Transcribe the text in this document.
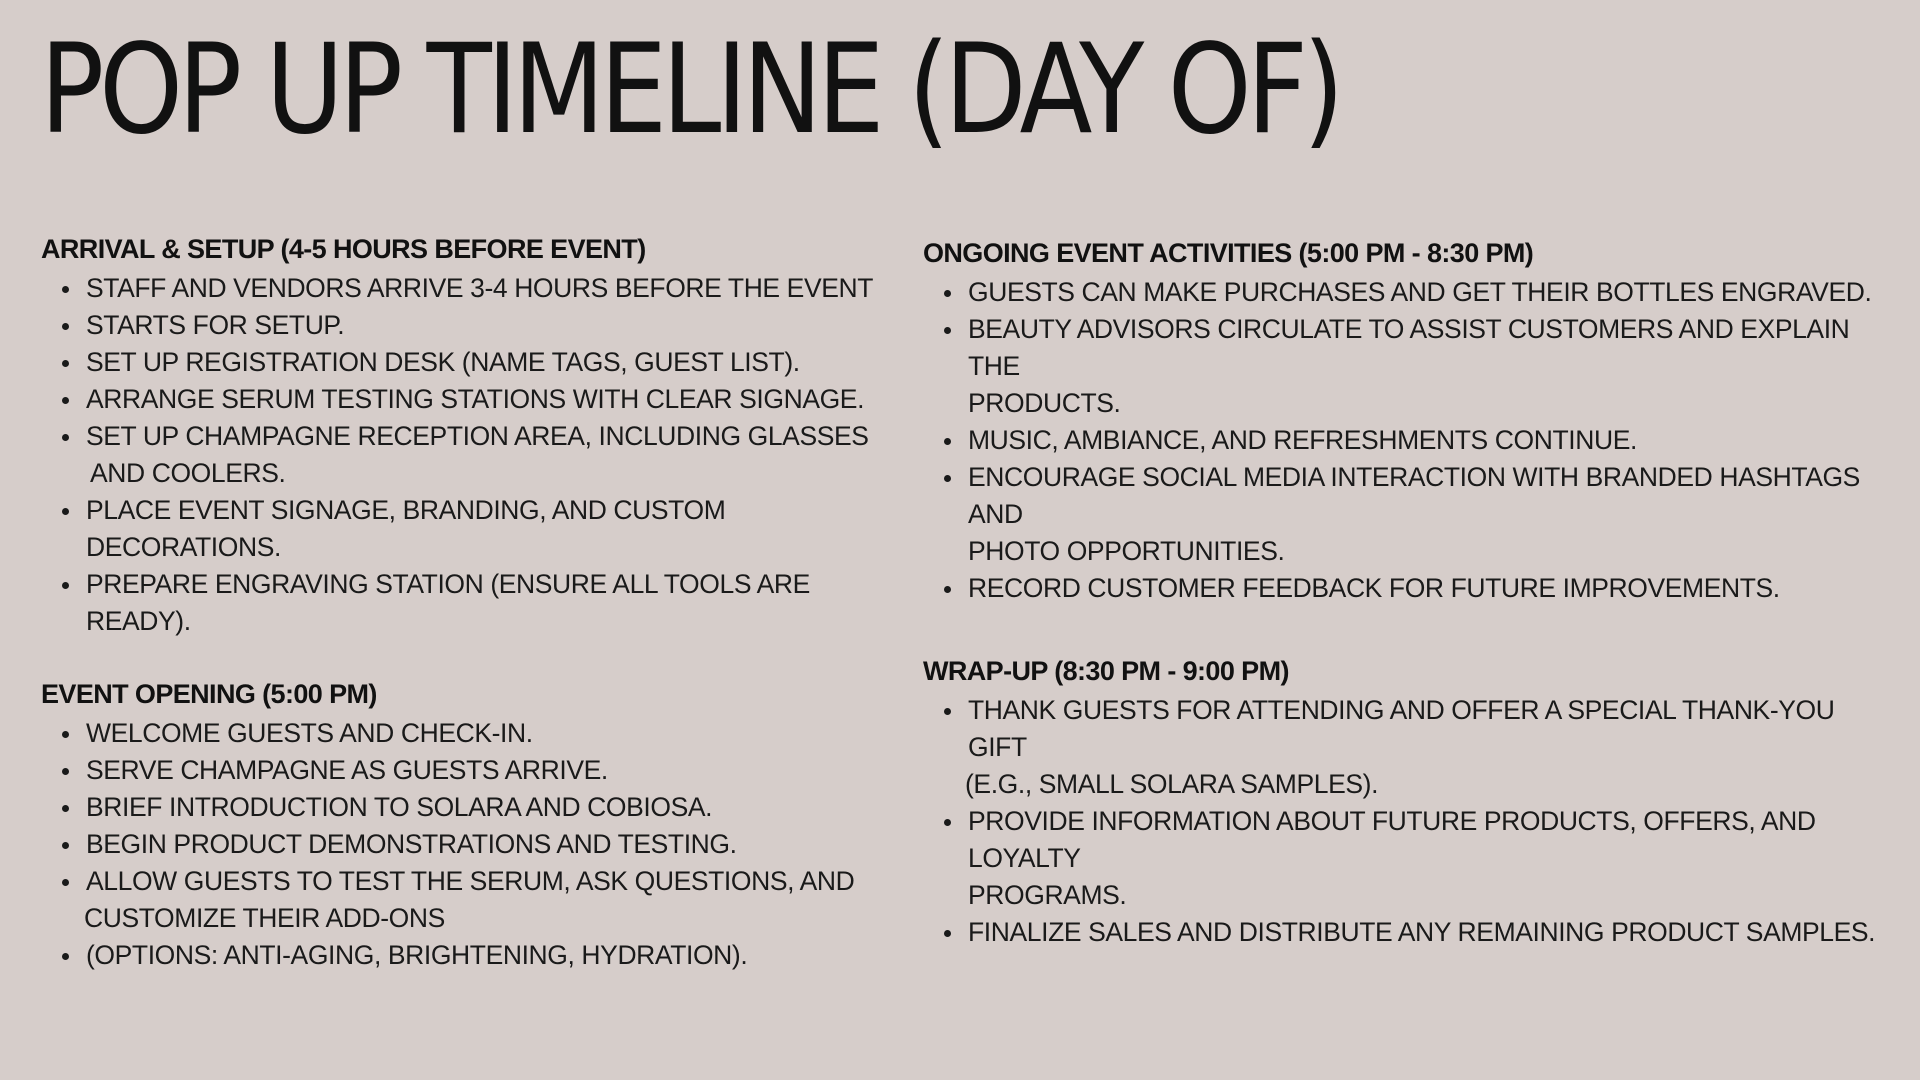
POP UP TIMELINE (DAY OF)
ARRIVAL & SETUP (4-5 HOURS BEFORE EVENT)
STAFF AND VENDORS ARRIVE 3-4 HOURS BEFORE THE EVENT
STARTS FOR SETUP.
SET UP REGISTRATION DESK (NAME TAGS, GUEST LIST).
ARRANGE SERUM TESTING STATIONS WITH CLEAR SIGNAGE.
SET UP CHAMPAGNE RECEPTION AREA, INCLUDING GLASSES
AND COOLERS.
PLACE EVENT SIGNAGE, BRANDING, AND CUSTOM DECORATIONS.
PREPARE ENGRAVING STATION (ENSURE ALL TOOLS ARE READY).
EVENT OPENING (5:00 PM)
WELCOME GUESTS AND CHECK-IN.
SERVE CHAMPAGNE AS GUESTS ARRIVE.
BRIEF INTRODUCTION TO SOLARA AND COBIOSA.
BEGIN PRODUCT DEMONSTRATIONS AND TESTING.
ALLOW GUESTS TO TEST THE SERUM, ASK QUESTIONS, AND
CUSTOMIZE THEIR ADD-ONS
(OPTIONS: ANTI-AGING, BRIGHTENING, HYDRATION).
ONGOING EVENT ACTIVITIES (5:00 PM - 8:30 PM)
GUESTS CAN MAKE PURCHASES AND GET THEIR BOTTLES ENGRAVED.
BEAUTY ADVISORS CIRCULATE TO ASSIST CUSTOMERS AND EXPLAIN THE
PRODUCTS.
MUSIC, AMBIANCE, AND REFRESHMENTS CONTINUE.
ENCOURAGE SOCIAL MEDIA INTERACTION WITH BRANDED HASHTAGS AND
PHOTO OPPORTUNITIES.
RECORD CUSTOMER FEEDBACK FOR FUTURE IMPROVEMENTS.
WRAP-UP (8:30 PM - 9:00 PM)
THANK GUESTS FOR ATTENDING AND OFFER A SPECIAL THANK-YOU GIFT
(E.G., SMALL SOLARA SAMPLES).
PROVIDE INFORMATION ABOUT FUTURE PRODUCTS, OFFERS, AND LOYALTY
PROGRAMS.
FINALIZE SALES AND DISTRIBUTE ANY REMAINING PRODUCT SAMPLES.
